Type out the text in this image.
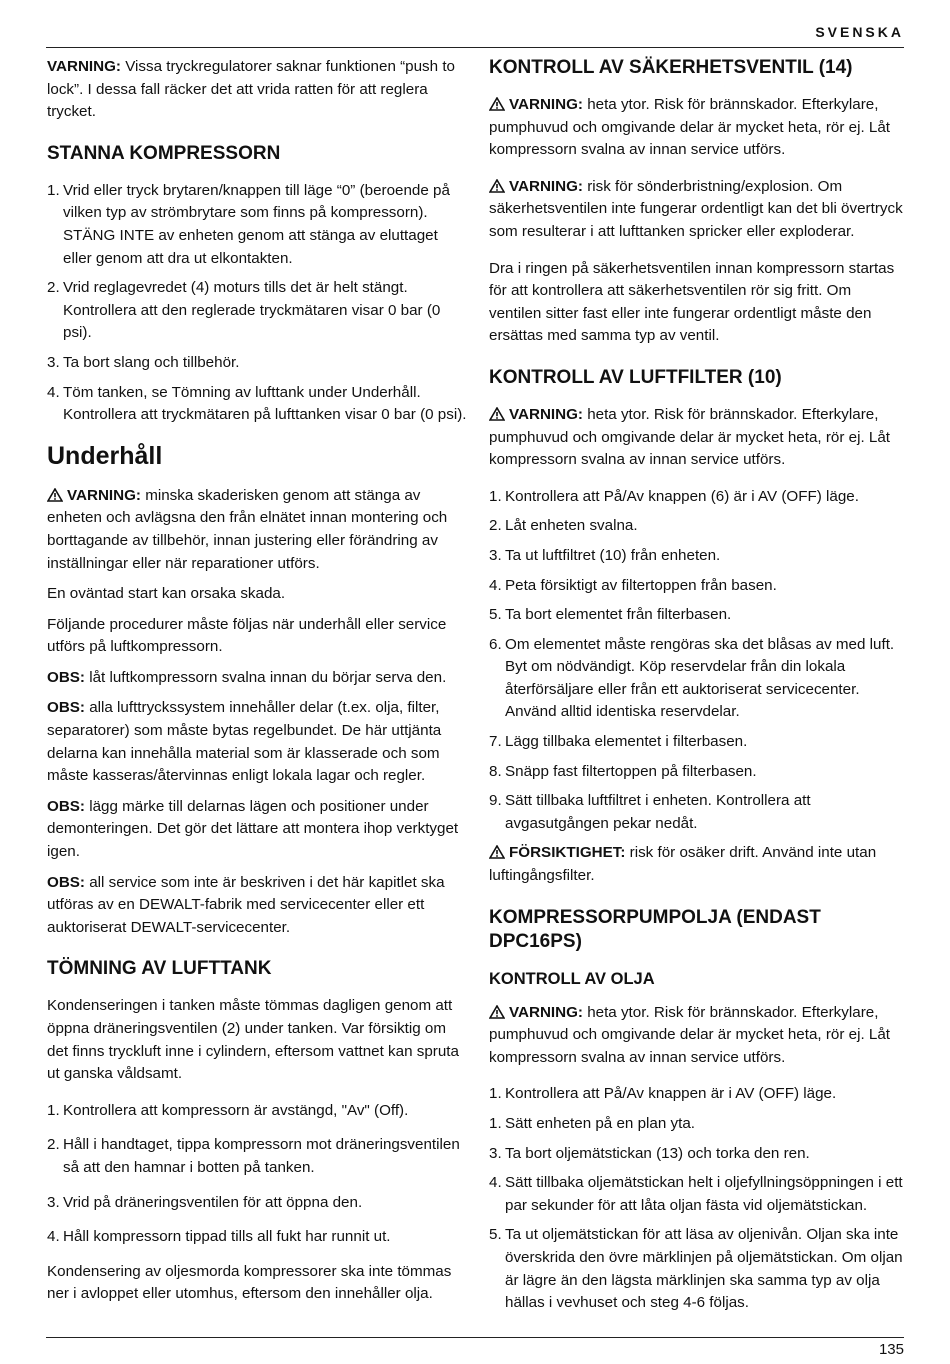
SVENSKA

VARNING: Vissa tryckregulatorer saknar funktionen “push to lock”. I dessa fall räcker det att vrida ratten för att reglera trycket.

STANNA KOMPRESSORN
1. Vrid eller tryck brytaren/knappen till läge “0” (beroende på vilken typ av strömbrytare som finns på kompressorn). STÄNG INTE av enheten genom att stänga av eluttaget eller genom att dra ut elkontakten.
2. Vrid reglagevredet (4) moturs tills det är helt stängt. Kontrollera att den reglerade tryckmätaren visar 0 bar (0 psi).
3. Ta bort slang och tillbehör.
4. Töm tanken, se Tömning av lufttank under Underhåll. Kontrollera att tryckmätaren på lufttanken visar 0 bar (0 psi).
Underhåll

VARNING: minska skaderisken genom att stänga av enheten och avlägsna den från elnätet innan montering och borttagande av tillbehör, innan justering eller förändring av inställningar eller när reparationer utförs.

En oväntad start kan orsaka skada.

Följande procedurer måste följas när underhåll eller service utförs på luftkompressorn.

OBS: låt luftkompressorn svalna innan du börjar serva den.

OBS: alla lufttryckssystem innehåller delar (t.ex. olja, filter, separatorer) som måste bytas regelbundet. De här uttjänta delarna kan innehålla material som är klasserade och som måste kasseras/återvinnas enligt lokala lagar och regler.

OBS: lägg märke till delarnas lägen och positioner under demonteringen. Det gör det lättare att montera ihop verktyget igen.

OBS: all service som inte är beskriven i det här kapitlet ska utföras av en DEWALT-fabrik med servicecenter eller ett auktoriserat DEWALT-servicecenter.

TÖMNING AV LUFTTANK

Kondenseringen i tanken måste tömmas dagligen genom att öppna dräneringsventilen (2) under tanken. Var försiktig om det finns tryckluft inne i cylindern, eftersom vattnet kan spruta ut ganska våldsamt.

1. Kontrollera att kompressorn är avstängd, "Av" (Off).
2. Håll i handtaget, tippa kompressorn mot dräneringsventilen så att den hamnar i botten på tanken.
3. Vrid på dräneringsventilen för att öppna den.
4. Håll kompressorn tippad tills all fukt har runnit ut.

Kondensering av oljesmorda kompressorer ska inte tömmas ner i avloppet eller utomhus, eftersom den innehåller olja.

KONTROLL AV SÄKERHETSVENTIL (14)

VARNING: heta ytor. Risk för brännskador. Efterkylare, pumphuvud och omgivande delar är mycket heta, rör ej. Låt kompressorn svalna av innan service utförs.

VARNING: risk för sönderbristning/explosion. Om säkerhetsventilen inte fungerar ordentligt kan det bli övertryck som resulterar i att lufttanken spricker eller exploderar.

Dra i ringen på säkerhetsventilen innan kompressorn startas för att kontrollera att säkerhetsventilen rör sig fritt. Om ventilen sitter fast eller inte fungerar ordentligt måste den ersättas med samma typ av ventil.

KONTROLL AV LUFTFILTER (10)

VARNING: heta ytor. Risk för brännskador. Efterkylare, pumphuvud och omgivande delar är mycket heta, rör ej. Låt kompressorn svalna av innan service utförs.

1. Kontrollera att På/Av knappen (6) är i AV (OFF) läge.
2. Låt enheten svalna.
3. Ta ut luftfiltret (10) från enheten.
4. Peta försiktigt av filtertoppen från basen.
5. Ta bort elementet från filterbasen.
6. Om elementet måste rengöras ska det blåsas av med luft. Byt om nödvändigt. Köp reservdelar från din lokala återförsäljare eller från ett auktoriserat servicecenter. Använd alltid identiska reservdelar.
7. Lägg tillbaka elementet i filterbasen.
8. Snäpp fast filtertoppen på filterbasen.
9. Sätt tillbaka luftfiltret i enheten. Kontrollera att avgasutgången pekar nedåt.

FÖRSIKTIGHET: risk för osäker drift. Använd inte utan luftingångsfilter.

KOMPRESSORPUMPOLJA (ENDAST DPC16PS)
KONTROLL AV OLJA

VARNING: heta ytor. Risk för brännskador. Efterkylare, pumphuvud och omgivande delar är mycket heta, rör ej. Låt kompressorn svalna av innan service utförs.

1. Kontrollera att På/Av knappen är i AV (OFF) läge.
1. Sätt enheten på en plan yta.
3. Ta bort oljemätstickan (13) och torka den ren.
4. Sätt tillbaka oljemätstickan helt i oljefyllningsöppningen i ett par sekunder för att låta oljan fästa vid oljemätstickan.
5. Ta ut oljemätstickan för att läsa av oljenivån. Oljan ska inte överskrida den övre märklinjen på oljemätstickan. Om oljan är lägre än den lägsta märklinjen ska samma typ av olja hällas i vevhuset och steg 4-6 följas.
135
